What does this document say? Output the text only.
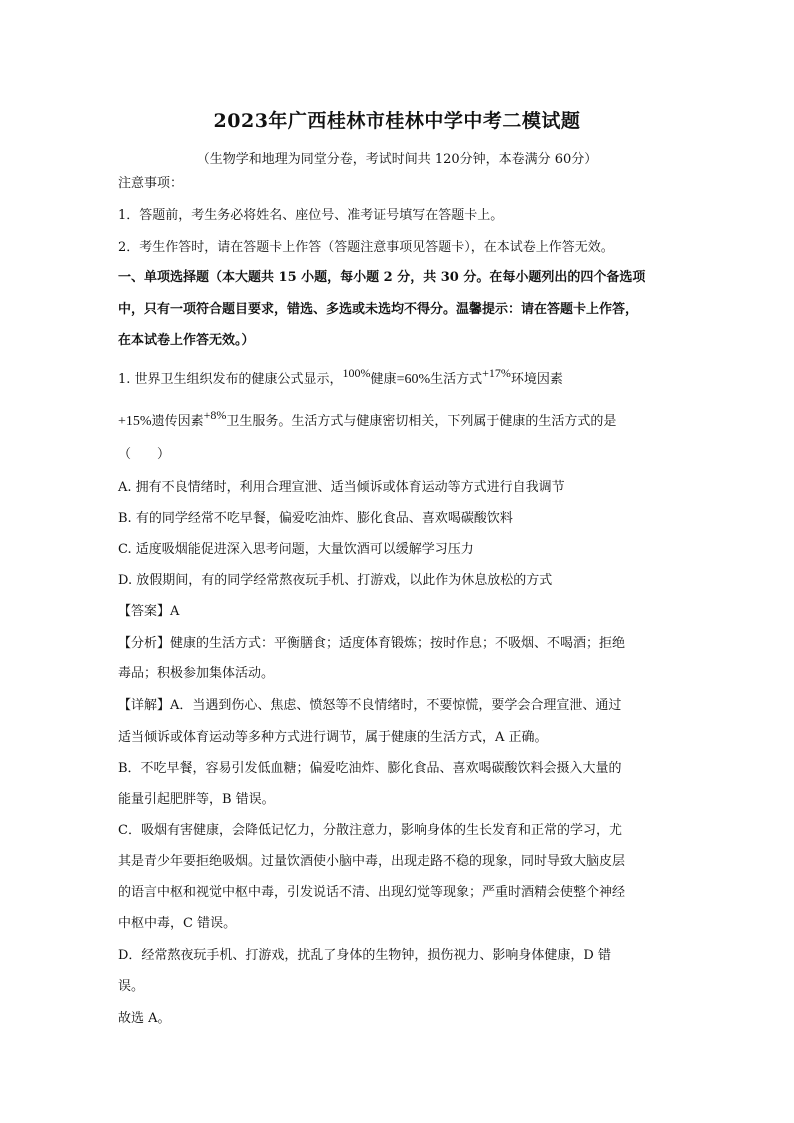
2023年广西桂林市桂林中学中考二模试题
（生物学和地理为同堂分卷，考试时间共 120分钟，本卷满分 60分）
注意事项：
1．答题前，考生务必将姓名、座位号、准考证号填写在答题卡上。
2．考生作答时，请在答题卡上作答（答题注意事项见答题卡），在本试卷上作答无效。
一、单项选择题（本大题共 15 小题，每小题 2 分，共 30 分。在每小题列出的四个备选项
中，只有一项符合题目要求，错选、多选或未选均不得分。温馨提示：请在答题卡上作答，
在本试卷上作答无效。）
1. 世界卫生组织发布的健康公式显示，$^{100\%}$健康=60%生活方式$^{+17\%}$环境因素
+15%遗传因素$^{+8\%}$卫生服务。生活方式与健康密切相关，下列属于健康的生活方式的是
（　　）
A. 拥有不良情绪时，利用合理宣泄、适当倾诉或体育运动等方式进行自我调节
B. 有的同学经常不吃早餐，偏爱吃油炸、膨化食品、喜欢喝碳酸饮料
C. 适度吸烟能促进深入思考问题，大量饮酒可以缓解学习压力
D. 放假期间，有的同学经常熬夜玩手机、打游戏，以此作为休息放松的方式
【答案】A
【分析】健康的生活方式：平衡膳食；适度体育锻炼；按时作息；不吸烟、不喝酒；拒绝
毒品；积极参加集体活动。
【详解】A．当遇到伤心、焦虑、愤怒等不良情绪时，不要惊慌，要学会合理宣泄、通过
适当倾诉或体育运动等多种方式进行调节，属于健康的生活方式，A 正确。
B．不吃早餐，容易引发低血糖；偏爱吃油炸、膨化食品、喜欢喝碳酸饮料会摄入大量的
能量引起肥胖等，B 错误。
C．吸烟有害健康，会降低记忆力，分散注意力，影响身体的生长发育和正常的学习，尤
其是青少年要拒绝吸烟。过量饮酒使小脑中毒，出现走路不稳的现象，同时导致大脑皮层
的语言中枢和视觉中枢中毒，引发说话不清、出现幻觉等现象；严重时酒精会使整个神经
中枢中毒，C 错误。
D．经常熬夜玩手机、打游戏，扰乱了身体的生物钟，损伤视力、影响身体健康，D 错
误。
故选 A。
